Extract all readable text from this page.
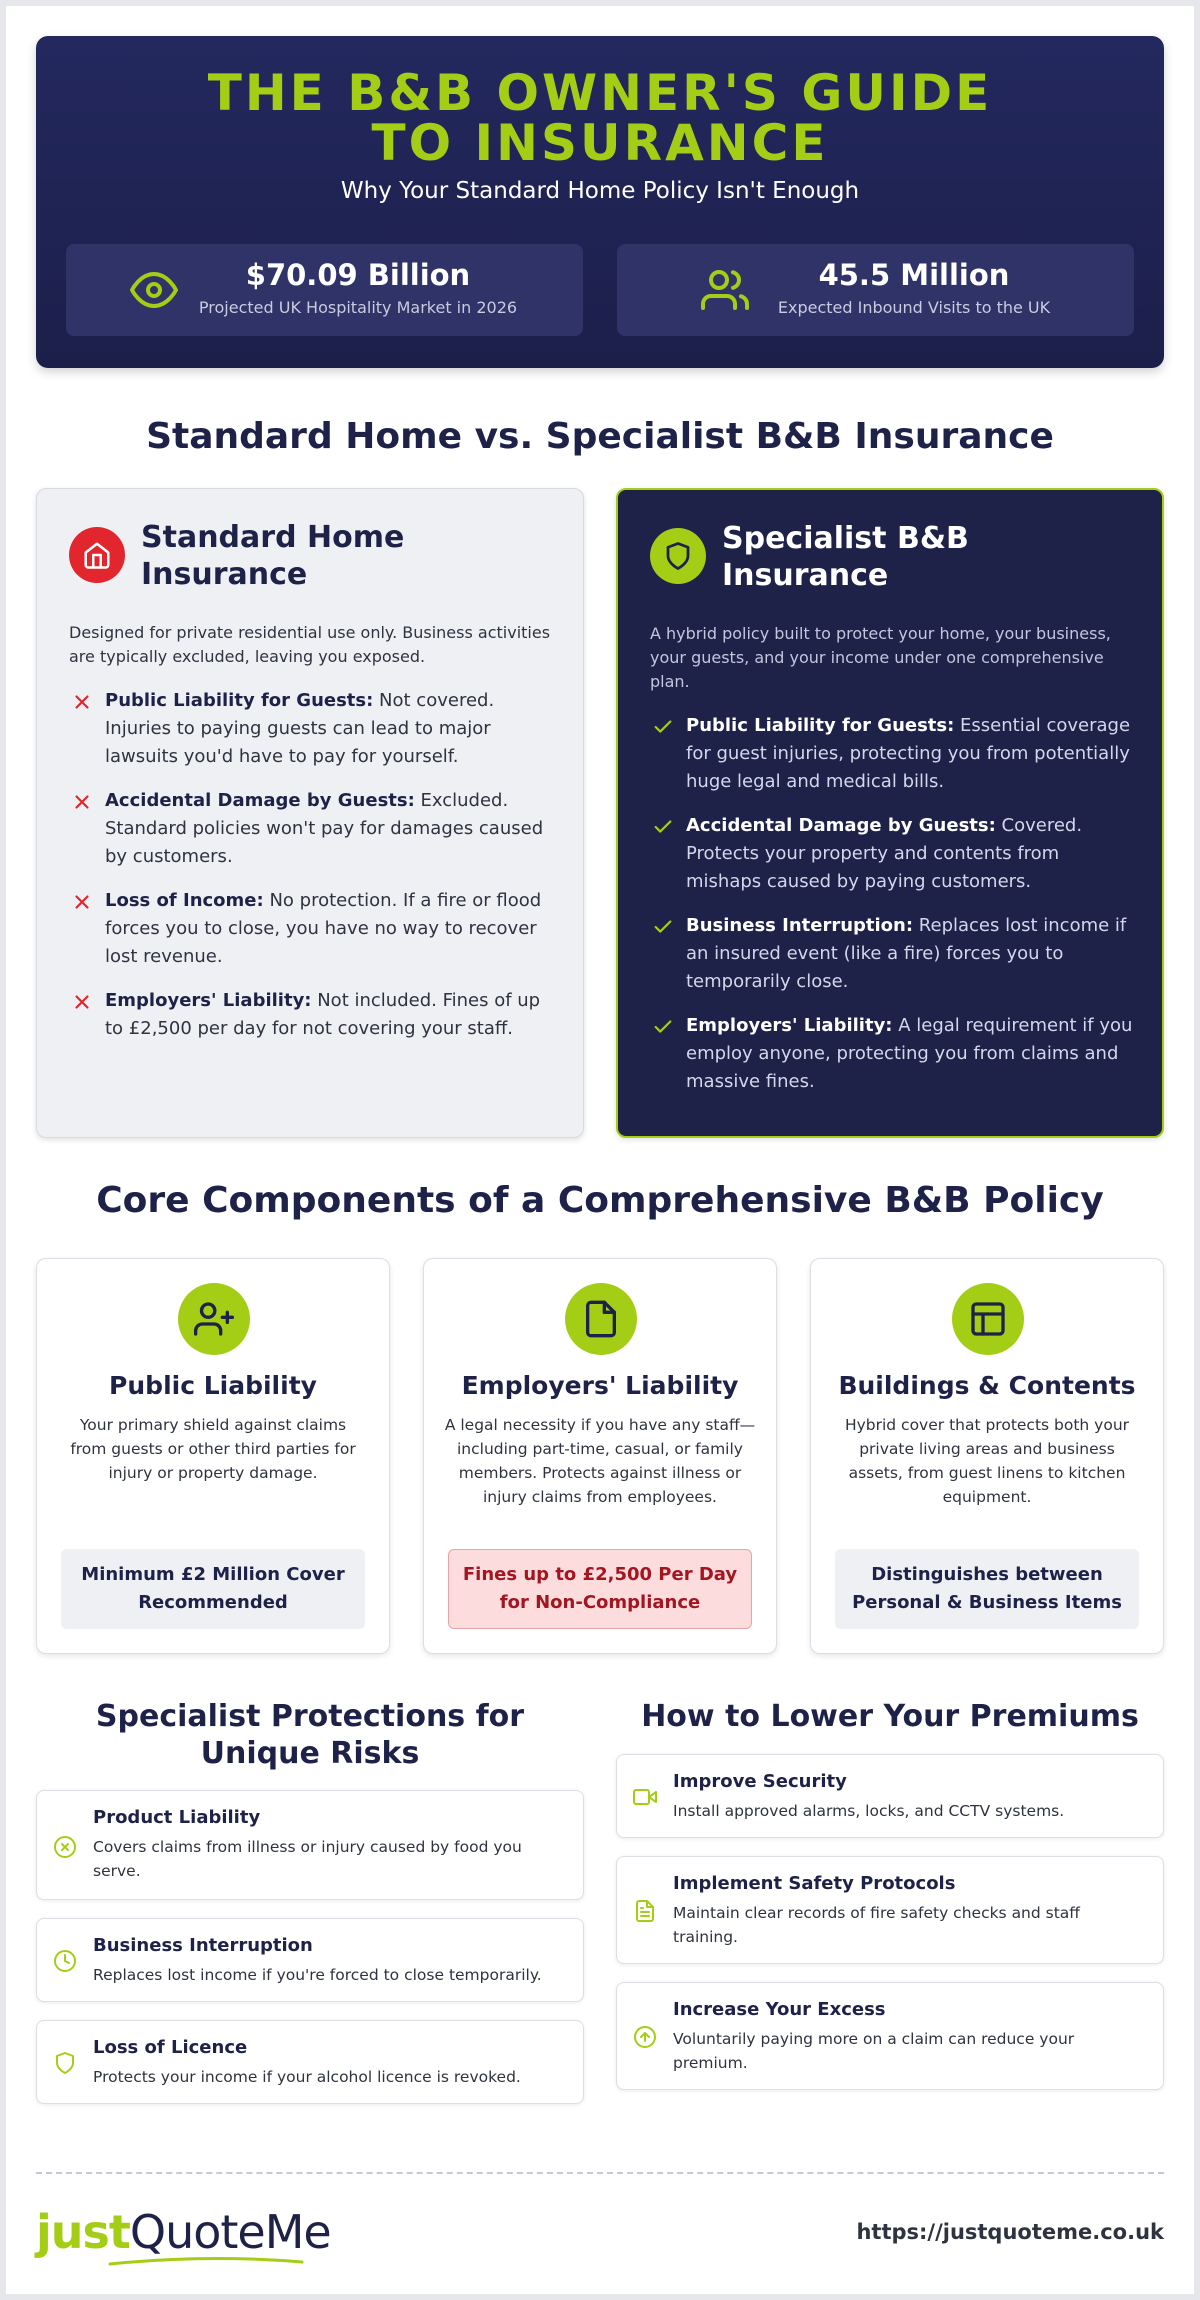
THE B&B OWNER'S GUIDE TO INSURANCE
Why Your Standard Home Policy Isn't Enough
$70.09 Billion
Projected UK Hospitality Market in 2026
45.5 Million
Expected Inbound Visits to the UK
Standard Home vs. Specialist B&B Insurance
Standard Home Insurance
Designed for private residential use only. Business activities are typically excluded, leaving you exposed.
Public Liability for Guests: Not covered. Injuries to paying guests can lead to major lawsuits you'd have to pay for yourself.
Accidental Damage by Guests: Excluded. Standard policies won't pay for damages caused by customers.
Loss of Income: No protection. If a fire or flood forces you to close, you have no way to recover lost revenue.
Employers' Liability: Not included. Fines of up to £2,500 per day for not covering your staff.
Specialist B&B Insurance
A hybrid policy built to protect your home, your business, your guests, and your income under one comprehensive plan.
Public Liability for Guests: Essential coverage for guest injuries, protecting you from potentially huge legal and medical bills.
Accidental Damage by Guests: Covered. Protects your property and contents from mishaps caused by paying customers.
Business Interruption: Replaces lost income if an insured event (like a fire) forces you to temporarily close.
Employers' Liability: A legal requirement if you employ anyone, protecting you from claims and massive fines.
Core Components of a Comprehensive B&B Policy
Public Liability
Your primary shield against claims from guests or other third parties for injury or property damage.
Minimum £2 Million Cover Recommended
Employers' Liability
A legal necessity if you have any staff—including part-time, casual, or family members. Protects against illness or injury claims from employees.
Fines up to £2,500 Per Day for Non-Compliance
Buildings & Contents
Hybrid cover that protects both your private living areas and business assets, from guest linens to kitchen equipment.
Distinguishes between Personal & Business Items
Specialist Protections for Unique Risks
Product Liability
Covers claims from illness or injury caused by food you serve.
Business Interruption
Replaces lost income if you're forced to close temporarily.
Loss of Licence
Protects your income if your alcohol licence is revoked.
How to Lower Your Premiums
Improve Security
Install approved alarms, locks, and CCTV systems.
Implement Safety Protocols
Maintain clear records of fire safety checks and staff training.
Increase Your Excess
Voluntarily paying more on a claim can reduce your premium.
justQuoteMe	https://justquoteme.co.uk
